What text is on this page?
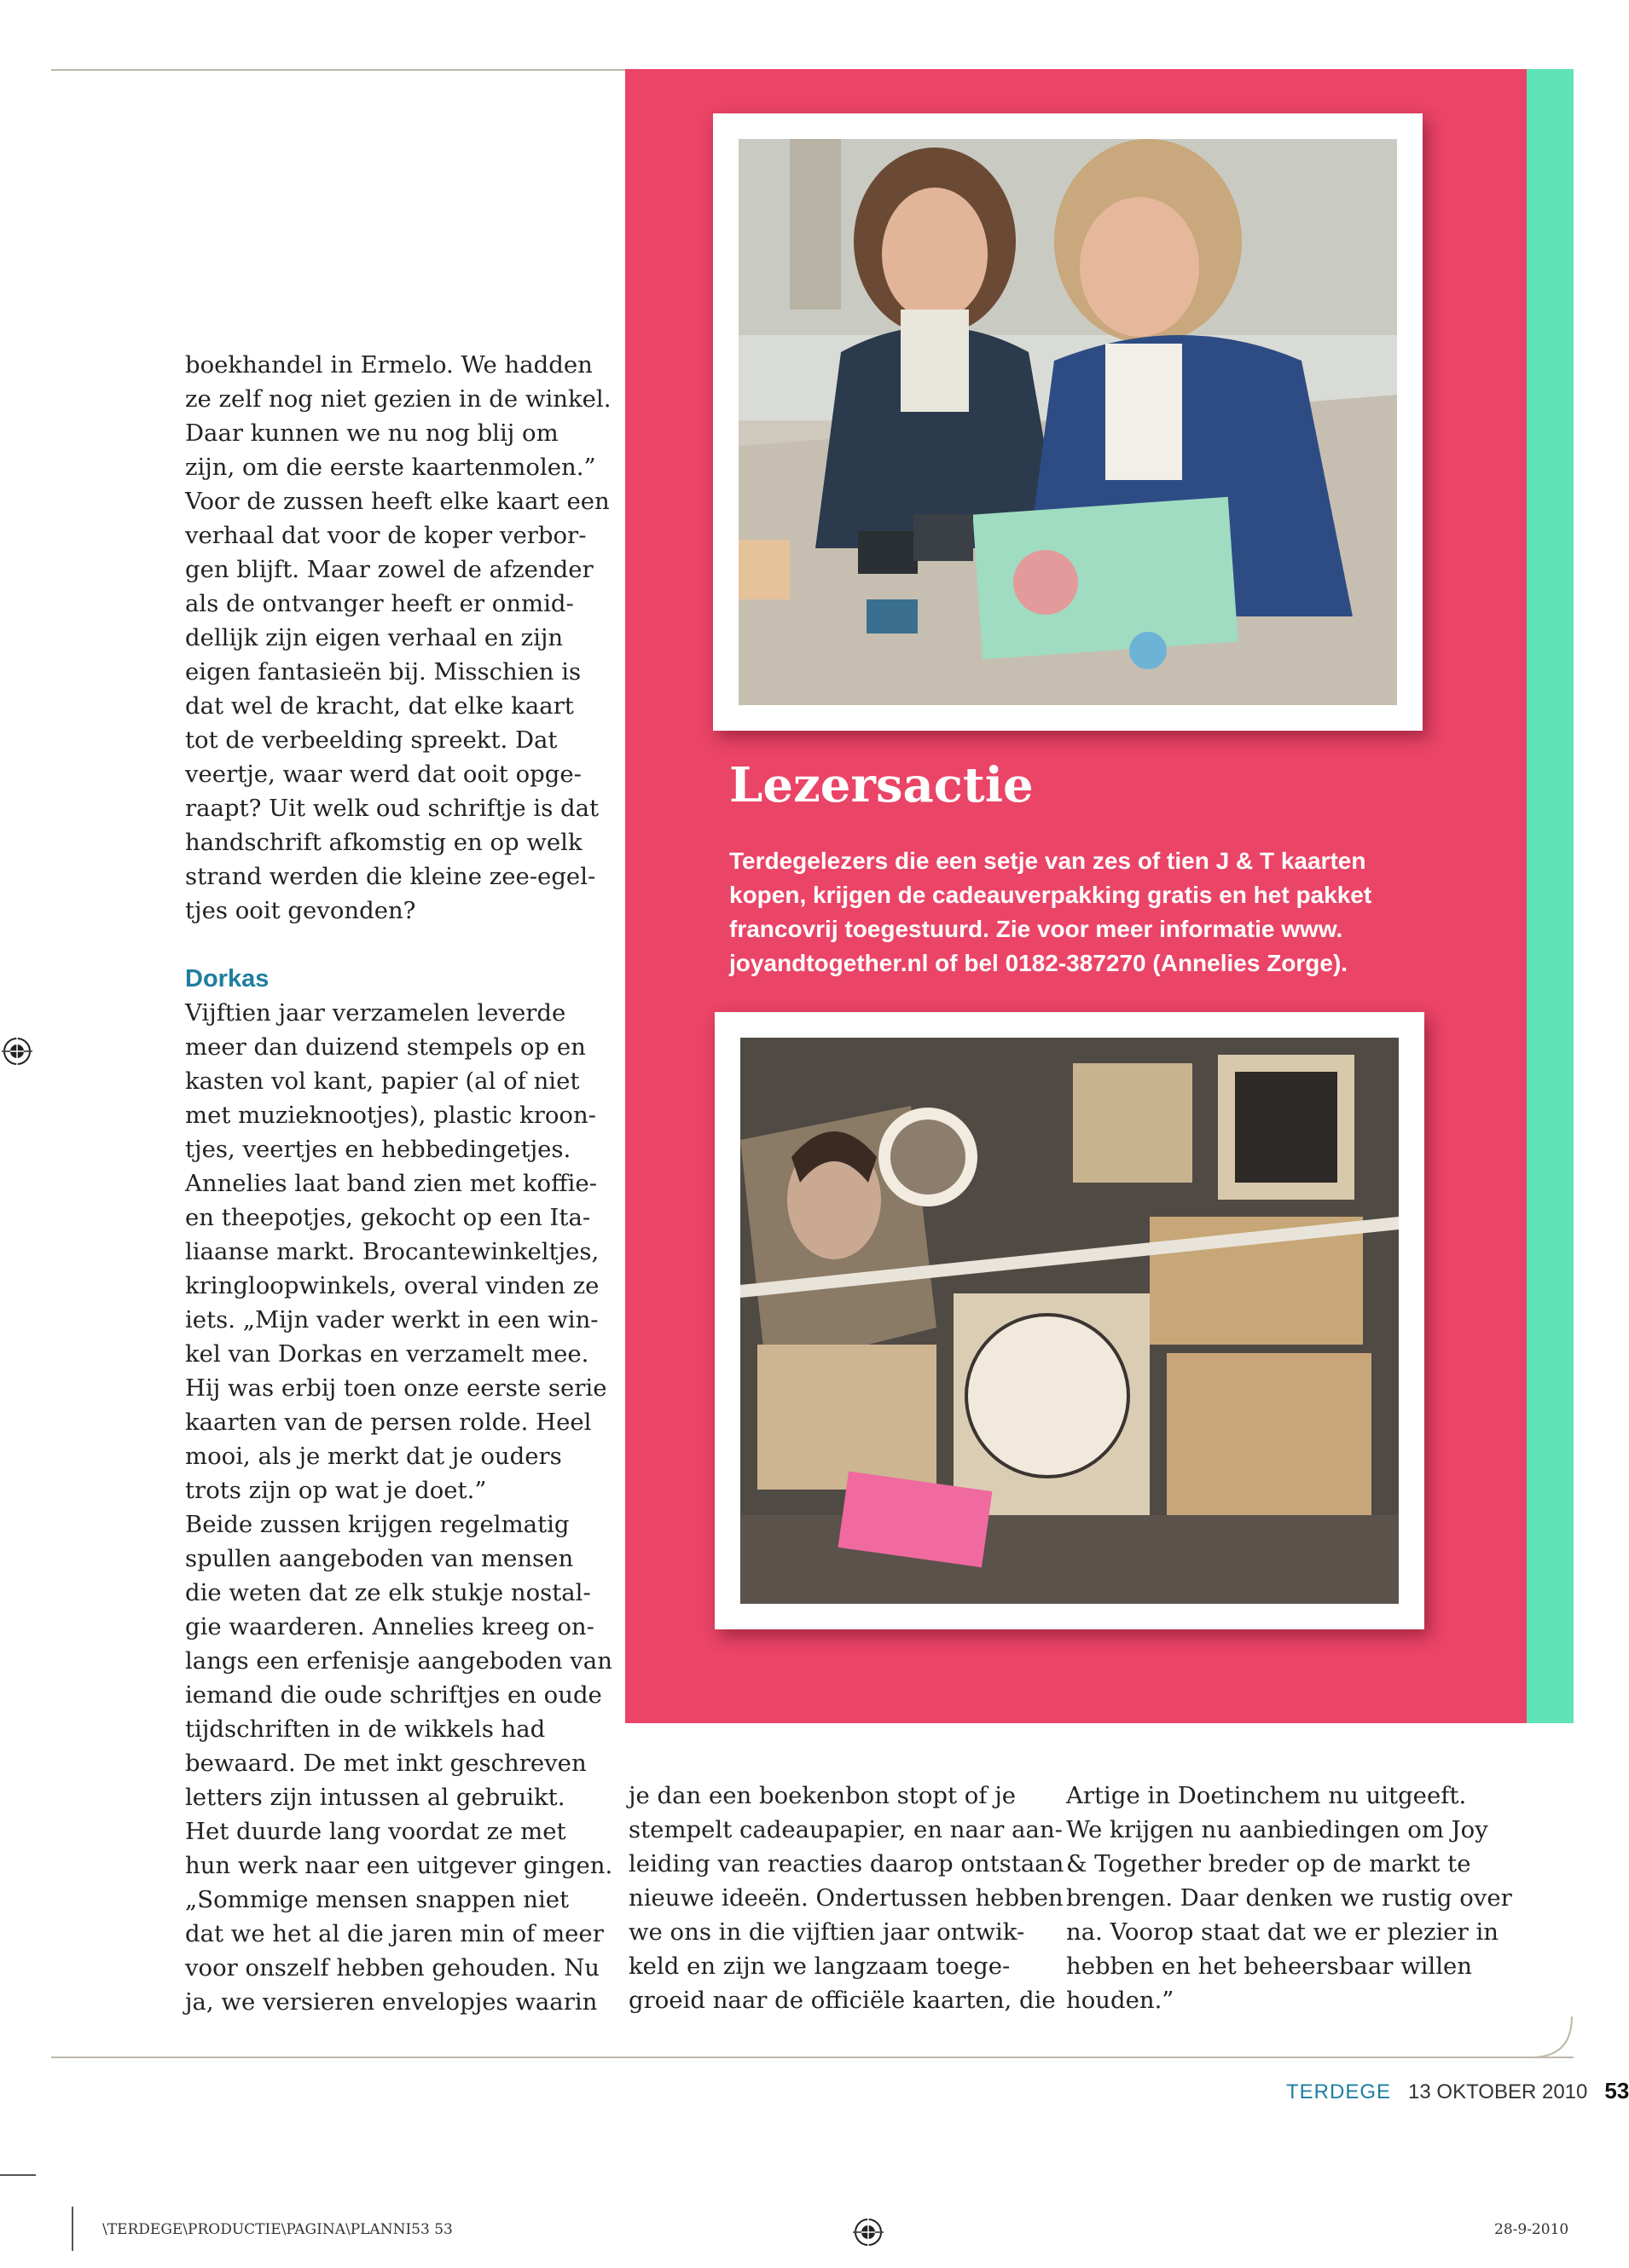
Lezersactie
Terdegelezers die een setje van zes of tien J & T kaarten
kopen, krijgen de cadeauverpakking gratis en het pakket
francovrij toegestuurd. Zie voor meer informatie www.
joyandtogether.nl of bel 0182-387270 (Annelies Zorge).
boekhandel in Ermelo. We hadden
ze zelf nog niet gezien in de winkel.
Daar kunnen we nu nog blij om
zijn, om die eerste kaartenmolen.”
Voor de zussen heeft elke kaart een
verhaal dat voor de koper verbor-
gen blijft. Maar zowel de afzender
als de ontvanger heeft er onmid-
dellijk zijn eigen verhaal en zijn
eigen fantasieën bij. Misschien is
dat wel de kracht, dat elke kaart
tot de verbeelding spreekt. Dat
veertje, waar werd dat ooit opge-
raapt? Uit welk oud schriftje is dat
handschrift afkomstig en op welk
strand werden die kleine zee-egel-
tjes ooit gevonden?
Dorkas
Vijftien jaar verzamelen leverde
meer dan duizend stempels op en
kasten vol kant, papier (al of niet
met muzieknootjes), plastic kroon-
tjes, veertjes en hebbedingetjes.
Annelies laat band zien met koffie-
en theepotjes, gekocht op een Ita-
liaanse markt. Brocantewinkeltjes,
kringloopwinkels, overal vinden ze
iets. „Mijn vader werkt in een win-
kel van Dorkas en verzamelt mee.
Hij was erbij toen onze eerste serie
kaarten van de persen rolde. Heel
mooi, als je merkt dat je ouders
trots zijn op wat je doet.”
Beide zussen krijgen regelmatig
spullen aangeboden van mensen
die weten dat ze elk stukje nostal-
gie waarderen. Annelies kreeg on-
langs een erfenisje aangeboden van
iemand die oude schriftjes en oude
tijdschriften in de wikkels had
bewaard. De met inkt geschreven
letters zijn intussen al gebruikt.
Het duurde lang voordat ze met
hun werk naar een uitgever gingen.
„Sommige mensen snappen niet
dat we het al die jaren min of meer
voor onszelf hebben gehouden. Nu
ja, we versieren envelopjes waarin
je dan een boekenbon stopt of je
stempelt cadeaupapier, en naar aan-
leiding van reacties daarop ontstaan
nieuwe ideeën. Ondertussen hebben
we ons in die vijftien jaar ontwik-
keld en zijn we langzaam toege-
groeid naar de officiële kaarten, die
Artige in Doetinchem nu uitgeeft.
We krijgen nu aanbiedingen om Joy
& Together breder op de markt te
brengen. Daar denken we rustig over
na. Voorop staat dat we er plezier in
hebben en het beheersbaar willen
houden.”
TERDEGE 13 OKTOBER 2010 53
\TERDEGE\PRODUCTIE\PAGINA\PLANNI53 53	28-9-2010
